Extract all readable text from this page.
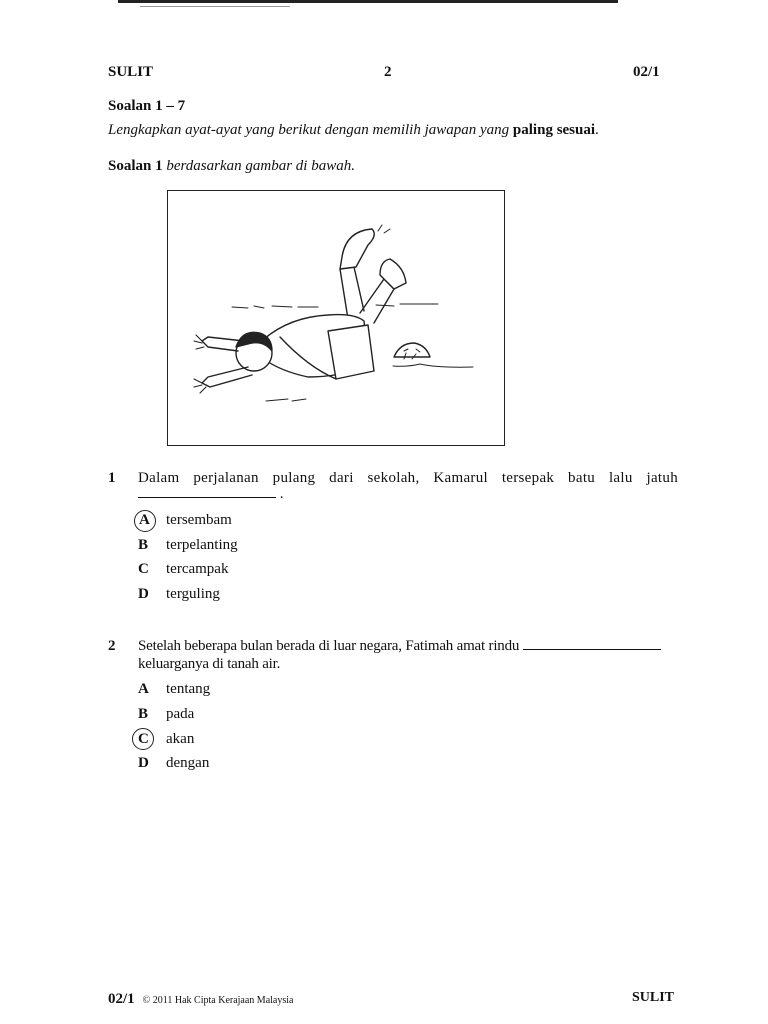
SULIT	2	02/1
Soalan 1 – 7
Lengkapkan ayat-ayat yang berikut dengan memilih jawapan yang paling sesuai.
Soalan 1 berdasarkan gambar di bawah.
1 Dalam perjalanan pulang dari sekolah, Kamarul tersepak batu lalu jatuh
.
A	tersembam
B	terpelanting
C	tercampak
D	terguling
2 Setelah beberapa bulan berada di luar negara, Fatimah amat rindu
keluarganya di tanah air.
A	tentang
B	pada
C	akan
D	dengan
02/1 © 2011 Hak Cipta Kerajaan Malaysia	SULIT
